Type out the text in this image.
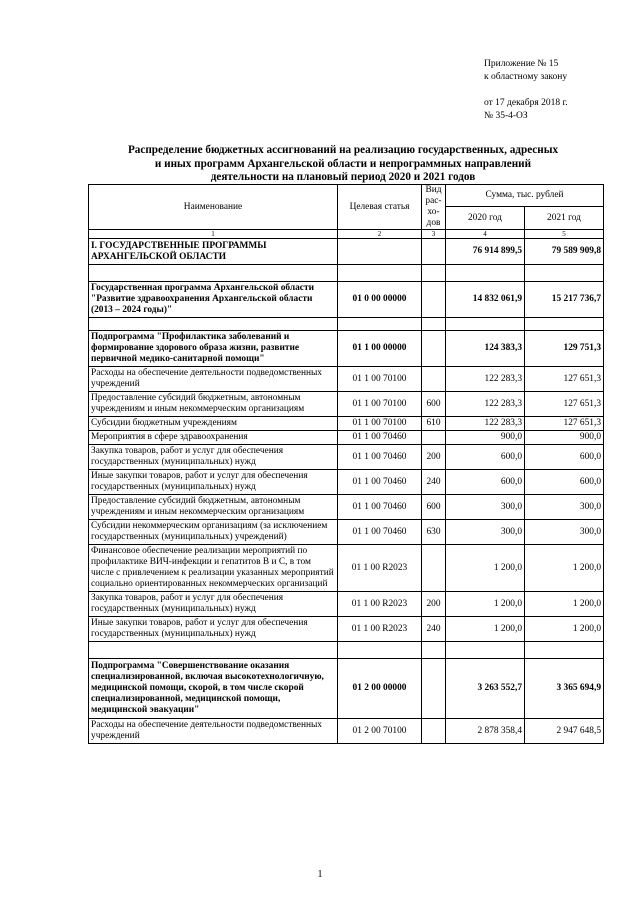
Приложение № 15
к областному закону
от 17 декабря 2018 г.
№ 35-4-ОЗ
Распределение бюджетных ассигнований на реализацию государственных, адресных
и иных программ Архангельской области и непрограммных направлений
деятельности на плановый период 2020 и 2021 годов
Наименование	Целевая статья	Вид рас-хо-дов	Сумма, тыс. рублей	
			2020 год	2021 год
1	2	3	4	5
I. ГОСУДАРСТВЕННЫЕ ПРОГРАММЫ АРХАНГЕЛЬСКОЙ ОБЛАСТИ			76 914 899,5	79 589 909,8

Государственная программа Архангельской области "Развитие здравоохранения Архангельской области (2013 – 2024 годы)"	01 0 00 00000		14 832 061,9	15 217 736,7

Подпрограмма "Профилактика заболеваний и формирование здорового образа жизни, развитие первичной медико-санитарной помощи"	01 1 00 00000		124 383,3	129 751,3
Расходы на обеспечение деятельности подведомственных учреждений	01 1 00 70100		122 283,3	127 651,3
Предоставление субсидий бюджетным, автономным учреждениям и иным некоммерческим организациям	01 1 00 70100	600	122 283,3	127 651,3
Субсидии бюджетным учреждениям	01 1 00 70100	610	122 283,3	127 651,3
Мероприятия в сфере здравоохранения	01 1 00 70460		900,0	900,0
Закупка товаров, работ и услуг для обеспечения государственных (муниципальных) нужд	01 1 00 70460	200	600,0	600,0
Иные закупки товаров, работ и услуг для обеспечения государственных (муниципальных) нужд	01 1 00 70460	240	600,0	600,0
Предоставление субсидий бюджетным, автономным учреждениям и иным некоммерческим организациям	01 1 00 70460	600	300,0	300,0
Субсидии некоммерческим организациям (за исключением государственных (муниципальных) учреждений)	01 1 00 70460	630	300,0	300,0
Финансовое обеспечение реализации мероприятий по профилактике ВИЧ-инфекции и гепатитов B и C, в том числе с привлечением к реализации указанных мероприятий социально ориентированных некоммерческих организаций	01 1 00 R2023		1 200,0	1 200,0
Закупка товаров, работ и услуг для обеспечения государственных (муниципальных) нужд	01 1 00 R2023	200	1 200,0	1 200,0
Иные закупки товаров, работ и услуг для обеспечения государственных (муниципальных) нужд	01 1 00 R2023	240	1 200,0	1 200,0

Подпрограмма "Совершенствование оказания специализированной, включая высокотехнологичную, медицинской помощи, скорой, в том числе скорой специализированной, медицинской помощи, медицинской эвакуации"	01 2 00 00000		3 263 552,7	3 365 694,9
Расходы на обеспечение деятельности подведомственных учреждений	01 2 00 70100		2 878 358,4	2 947 648,5
1
